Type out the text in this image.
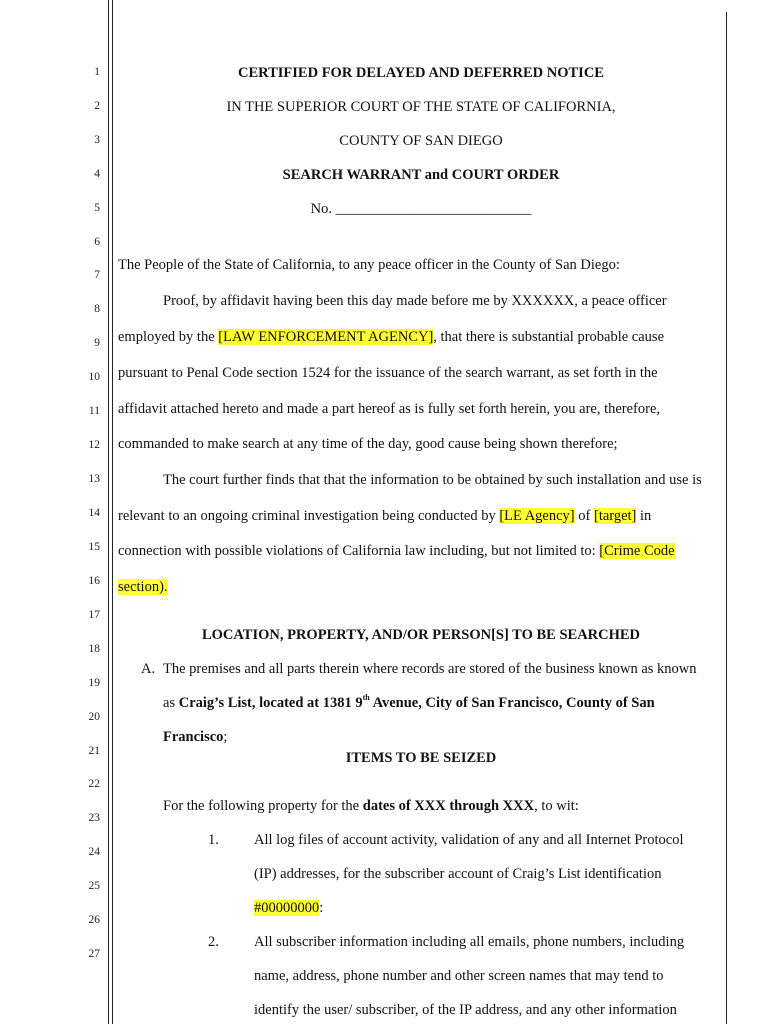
1
2
3
4
5
6
7
8
9
10
11
12
13
14
15
16
17
18
19
20
21
22
23
24
25
26
27
CERTIFIED FOR DELAYED AND DEFERRED NOTICE
IN THE SUPERIOR COURT OF THE STATE OF CALIFORNIA,
COUNTY OF SAN DIEGO
SEARCH WARRANT and COURT ORDER
No. ___________________________
The People of the State of California, to any peace officer in the County of San Diego:
Proof, by affidavit having been this day made before me by XXXXXX, a peace officer
employed by the [LAW ENFORCEMENT AGENCY], that there is substantial probable cause
pursuant to Penal Code section 1524 for the issuance of the search warrant, as set forth in the
affidavit attached hereto and made a part hereof as is fully set forth herein, you are, therefore,
commanded to make search at any time of the day, good cause being shown therefore;
The court further finds that that the information to be obtained by such installation and use is
relevant to an ongoing criminal investigation being conducted by [LE Agency] of [target] in
connection with possible violations of California law including, but not limited to: [Crime Code
section).
LOCATION, PROPERTY, AND/OR PERSON[S] TO BE SEARCHED
A. The premises and all parts therein where records are stored of the business known as known
as Craig’s List, located at 1381 9th Avenue, City of San Francisco, County of San
Francisco;
ITEMS TO BE SEIZED
For the following property for the dates of XXX through XXX, to wit:
1. All log files of account activity, validation of any and all Internet Protocol
(IP) addresses, for the subscriber account of Craig’s List identification
#00000000:
2. All subscriber information including all emails, phone numbers, including
name, address, phone number and other screen names that may tend to
identify the user/ subscriber, of the IP address, and any other information
